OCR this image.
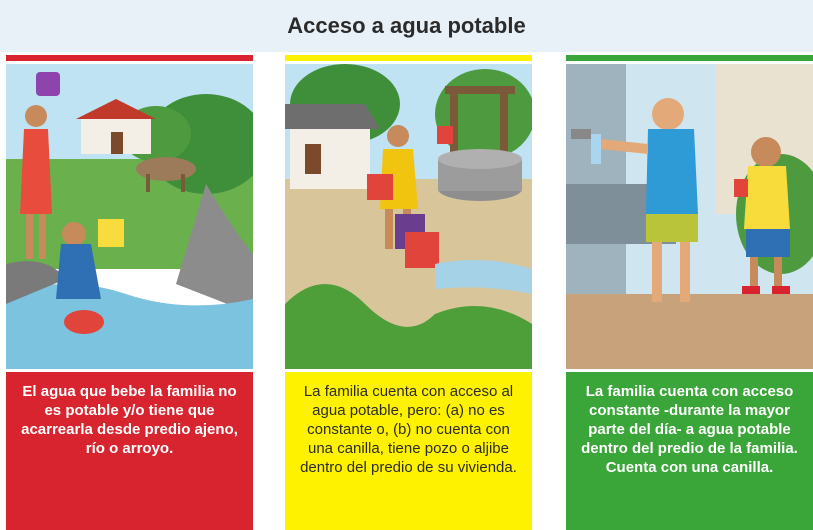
Acceso a agua potable

El agua que bebe la familia no es potable y/o tiene que acarrearla desde predio ajeno, río o arroyo.

La familia cuenta con acceso al agua potable, pero: (a) no es constante o, (b) no cuenta con una canilla, tiene pozo o aljibe dentro del predio de su vivienda.

La familia cuenta con acceso constante -durante la mayor parte del día- a agua potable dentro del predio de la familia. Cuenta con una canilla.
